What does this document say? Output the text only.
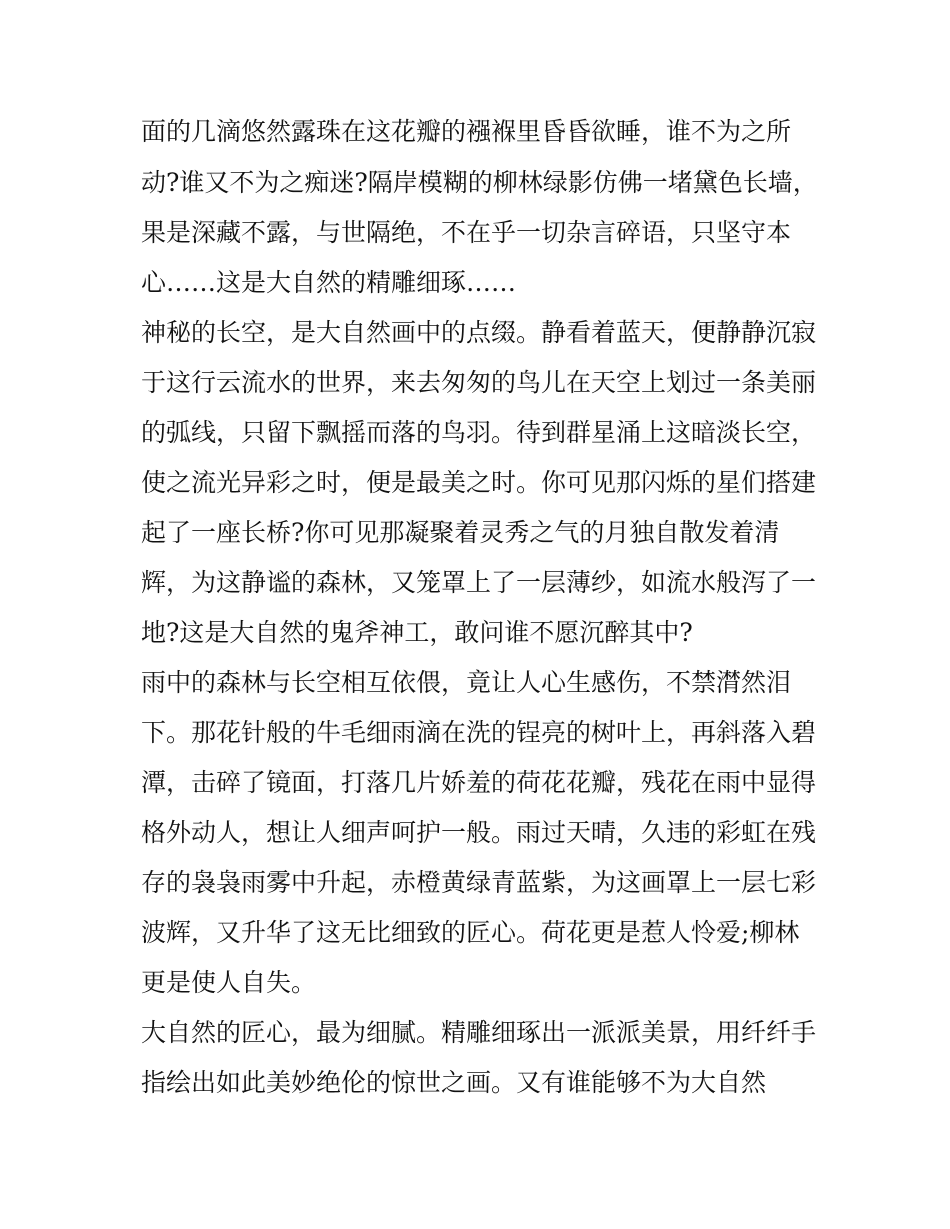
面的几滴悠然露珠在这花瓣的襁褓里昏昏欲睡，谁不为之所
动?谁又不为之痴迷?隔岸模糊的柳林绿影仿佛一堵黛色长墙，
果是深藏不露，与世隔绝，不在乎一切杂言碎语，只坚守本
心……这是大自然的精雕细琢……
神秘的长空，是大自然画中的点缀。静看着蓝天，便静静沉寂
于这行云流水的世界，来去匆匆的鸟儿在天空上划过一条美丽
的弧线，只留下飘摇而落的鸟羽。待到群星涌上这暗淡长空，
使之流光异彩之时，便是最美之时。你可见那闪烁的星们搭建
起了一座长桥?你可见那凝聚着灵秀之气的月独自散发着清
辉，为这静谧的森林，又笼罩上了一层薄纱，如流水般泻了一
地?这是大自然的鬼斧神工，敢问谁不愿沉醉其中?
雨中的森林与长空相互依偎，竟让人心生感伤，不禁潸然泪
下。那花针般的牛毛细雨滴在洗的锃亮的树叶上，再斜落入碧
潭，击碎了镜面，打落几片娇羞的荷花花瓣，残花在雨中显得
格外动人，想让人细声呵护一般。雨过天晴，久违的彩虹在残
存的袅袅雨雾中升起，赤橙黄绿青蓝紫，为这画罩上一层七彩
波辉，又升华了这无比细致的匠心。荷花更是惹人怜爱;柳林
更是使人自失。
大自然的匠心，最为细腻。精雕细琢出一派派美景，用纤纤手
指绘出如此美妙绝伦的惊世之画。又有谁能够不为大自然
